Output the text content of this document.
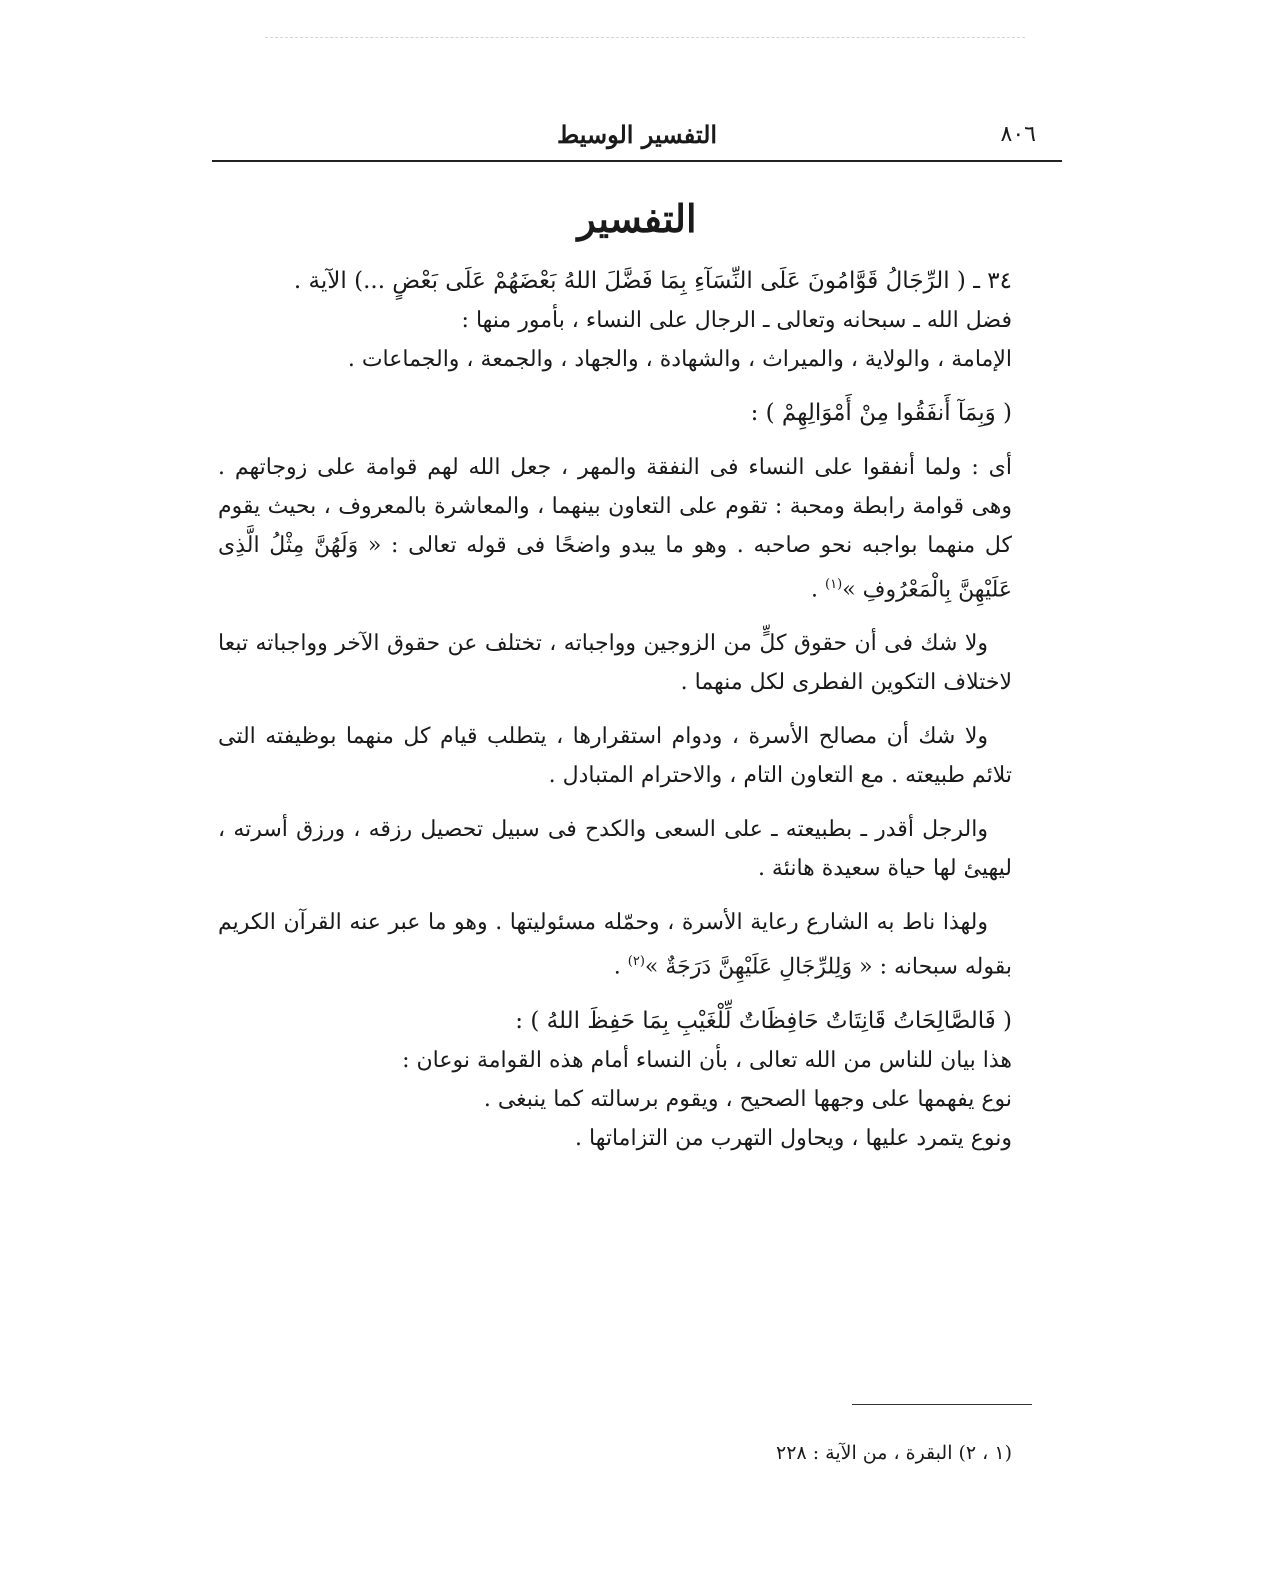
٨٠٦
التفسير الوسيط
التفسير

٣٤ ـ ( الرِّجَالُ قَوَّامُونَ عَلَى النِّسَآءِ بِمَا فَضَّلَ اللهُ بَعْضَهُمْ عَلَى بَعْضٍ ...) الآية .

فضل الله ـ سبحانه وتعالى ـ الرجال على النساء ، بأمور منها :

الإمامة ، والولاية ، والميراث ، والشهادة ، والجهاد ، والجمعة ، والجماعات .

( وَبِمَآ أَنفَقُوا مِنْ أَمْوَالِهِمْ ) :

أى : ولما أنفقوا على النساء فى النفقة والمهر ، جعل الله لهم قوامة على زوجاتهم . وهى قوامة رابطة ومحبة : تقوم على التعاون بينهما ، والمعاشرة بالمعروف ، بحيث يقوم كل منهما بواجبه نحو صاحبه . وهو ما يبدو واضحًا فى قوله تعالى : « وَلَهُنَّ مِثْلُ الَّذِى عَلَيْهِنَّ بِالْمَعْرُوفِ »$^{(١)}$ .

ولا شك فى أن حقوق كلٍّ من الزوجين وواجباته ، تختلف عن حقوق الآخر وواجباته تبعا لاختلاف التكوين الفطرى لكل منهما .

ولا شك أن مصالح الأسرة ، ودوام استقرارها ، يتطلب قيام كل منهما بوظيفته التى تلائم طبيعته . مع التعاون التام ، والاحترام المتبادل .

والرجل أقدر ـ بطبيعته ـ على السعى والكدح فى سبيل تحصيل رزقه ، ورزق أسرته ، ليهيئ لها حياة سعيدة هانئة .

ولهذا ناط به الشارع رعاية الأسرة ، وحمّله مسئوليتها . وهو ما عبر عنه القرآن الكريم بقوله سبحانه : « وَلِلرِّجَالِ عَلَيْهِنَّ دَرَجَةٌ »$^{(٢)}$ .

( فَالصَّالِحَاتُ قَانِتَاتٌ حَافِظَاتٌ لِّلْغَيْبِ بِمَا حَفِظَ اللهُ ) :

هذا بيان للناس من الله تعالى ، بأن النساء أمام هذه القوامة نوعان :

نوع يفهمها على وجهها الصحيح ، ويقوم برسالته كما ينبغى .

ونوع يتمرد عليها ، ويحاول التهرب من التزاماتها .

(١ ، ٢) البقرة ، من الآية : ٢٢٨
